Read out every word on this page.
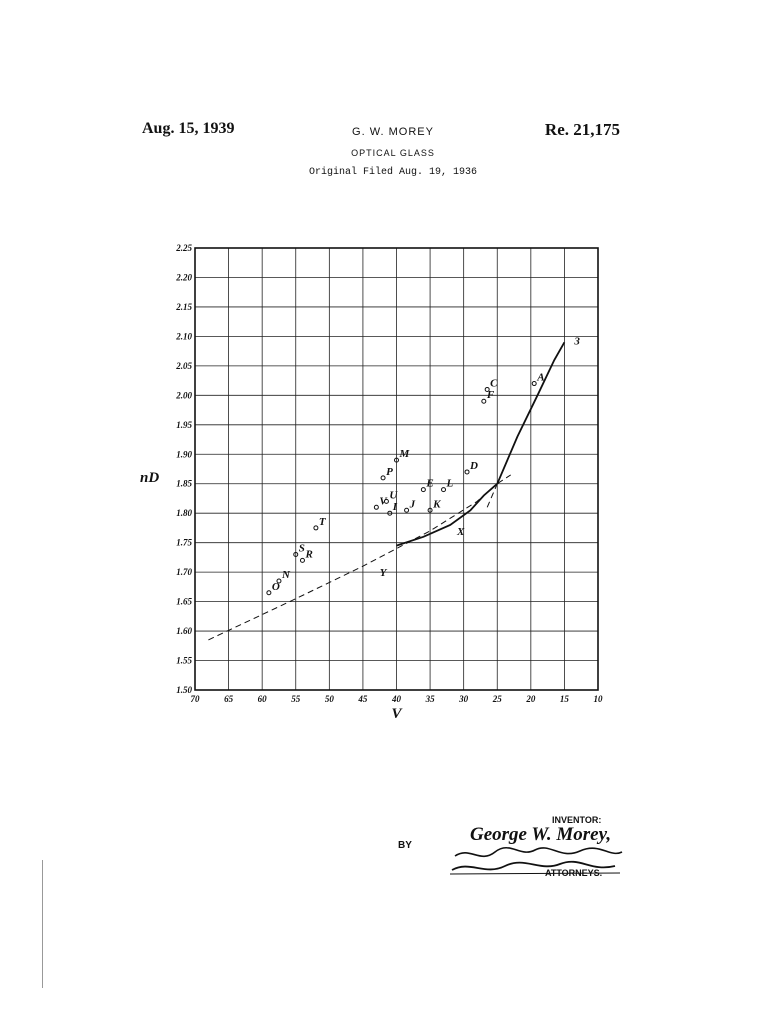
Aug. 15, 1939	Re. 21,175
G. W. MOREY
OPTICAL GLASS
Original Filed Aug. 19, 1936
1.50
1.55
1.60
1.65
1.70
1.75
1.80
1.85
1.90
1.95
2.00
2.05
2.10
2.15
2.20
2.25
70	65	60	55	50	45	40	35	30	25	20	15	10
A
C
F
D
M
P
L
E
U
V J K
I
T
S R
N
O
3
X
Y
nD
V
INVENTOR:
George W. Morey,
BY
ATTORNEYS.
